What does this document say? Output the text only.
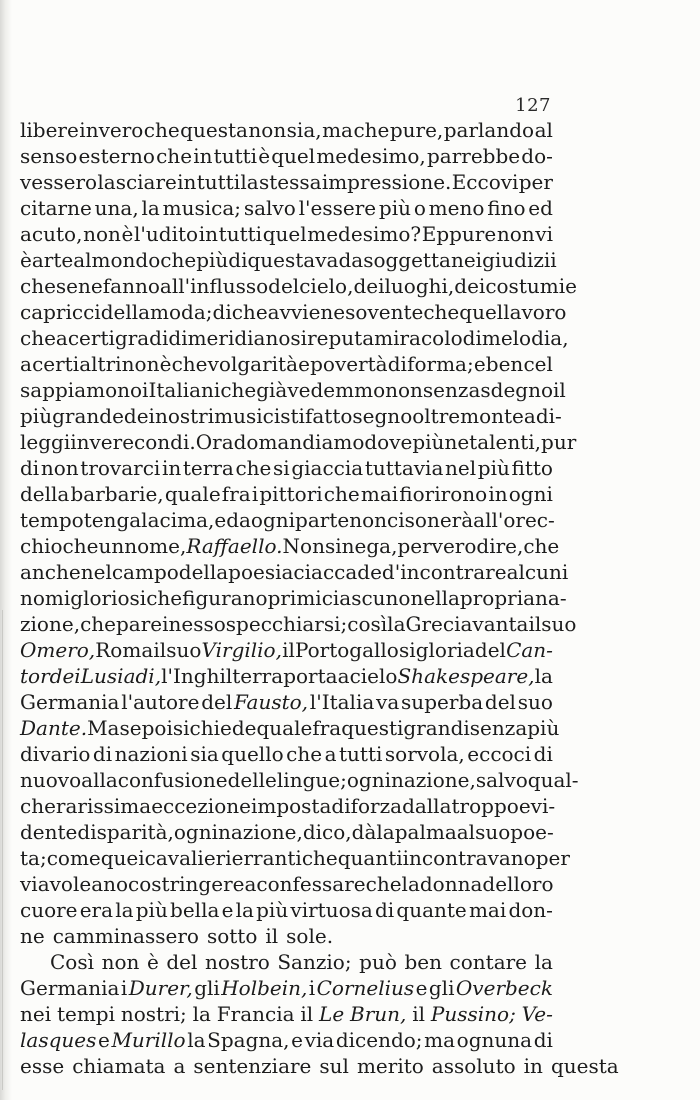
127
libere invero che questa non sia, ma che pure, parlando al
senso esterno che in tutti è quel medesimo, parrebbe do-
vessero lasciare in tutti la stessa impressione. Eccovi per
citarne una, la musica; salvo l'essere più o meno fino ed
acuto, non è l'udito in tutti quel medesimo? Eppure non vi
è arte al mondo che più di questa vada soggetta nei giudizii
chese ne fanno all'influsso del cielo, dei luoghi, dei costumi e
capricci della moda; di che avviene sovente che quel lavoro
che a certi gradi di meridiano si reputa miracolo di melodia,
a certi altri non è che volgarità e povertà di forma; e ben cel
sappiamo noi Italiani che già vedemmo non senza sdegno il
più grande dei nostri musicisti fatto segno oltremonte a di-
leggi inverecondi. Ora domandiamo dove più ne talenti, pur
di non trovarci in terra che si giaccia tuttavia nel più fitto
della barbarie, quale fra i pittori che mai fiorirono in ogni
tempo tenga la cima, e da ogni parte non ci sonerà all'orec-
chio che un nome, Raffaello. Non si nega, per vero dire, che
anche nel campo della poesia ci accade d' incontrare alcuni
nomi gloriosi che figurano primi ciascuno nella propria na-
zione, che pare in esso specchiarsi; così la Grecia vanta il suo
Omero, Roma il suo Virgilio, il Portogallo si gloria del Can-
tor dei Lusiadi, l'Inghilterra porta a cielo Shakespeare, la
Germania l'autore del Fausto, l'Italia va superba del suo
Dante. Ma se poi si chiede quale fra questi grandi senza più
divario di nazioni sia quello che a tutti sorvola, eccoci di
nuovo alla confusione delle lingue; ogni nazione, salvo qual-
che rarissima eccezione imposta di forza dalla troppo evi-
dente disparità, ogni nazione, dico, dà la palma al suo poe-
ta; come quei cavalieri erranti che quanti incontravano per
via voleano costringere a confessare che la donna del loro
cuore era la più bella e la più virtuosa di quante mai don-
ne camminassero sotto il sole.
Così non è del nostro Sanzio; può ben contare la
Germania i Durer, gli Holbein, i Cornelius e gli Overbeck
nei tempi nostri; la Francia il Le Brun, il Pussino; Ve-
lasques e Murillo la Spagna, e via dicendo; ma ognuna di
esse chiamata a sentenziare sul merito assoluto in questa
